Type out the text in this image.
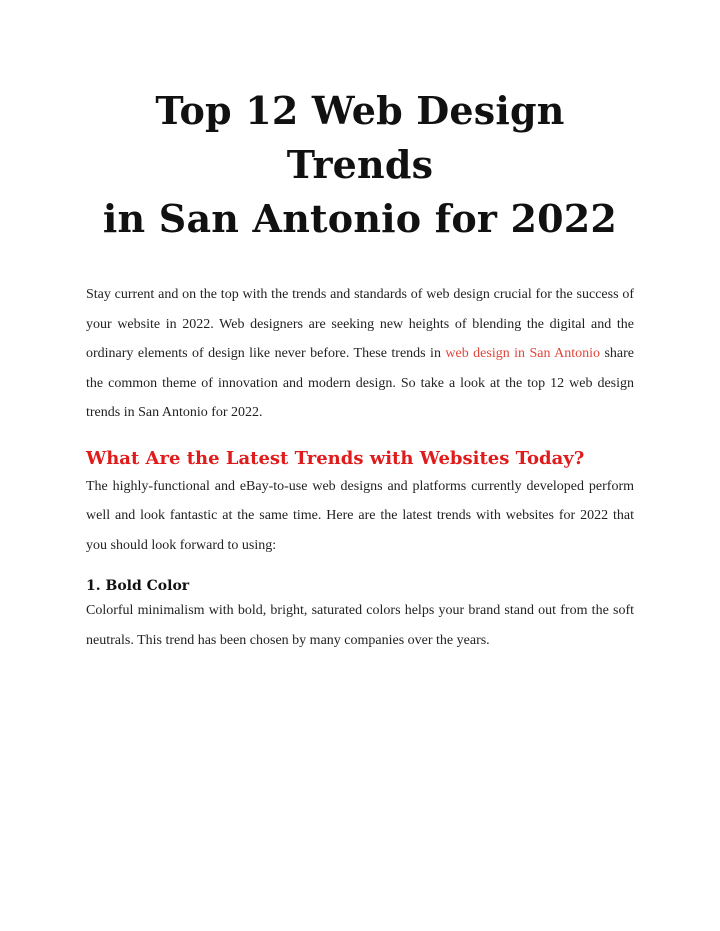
Top 12 Web Design Trends
in San Antonio for 2022

Stay current and on the top with the trends and standards of web design crucial for the success of your website in 2022. Web designers are seeking new heights of blending the digital and the ordinary elements of design like never before. These trends in web design in San Antonio share the common theme of innovation and modern design. So take a look at the top 12 web design trends in San Antonio for 2022.

What Are the Latest Trends with Websites Today?

The highly-functional and eBay-to-use web designs and platforms currently developed perform well and look fantastic at the same time. Here are the latest trends with websites for 2022 that you should look forward to using:

1. Bold Color

Colorful minimalism with bold, bright, saturated colors helps your brand stand out from the soft neutrals. This trend has been chosen by many companies over the years.
